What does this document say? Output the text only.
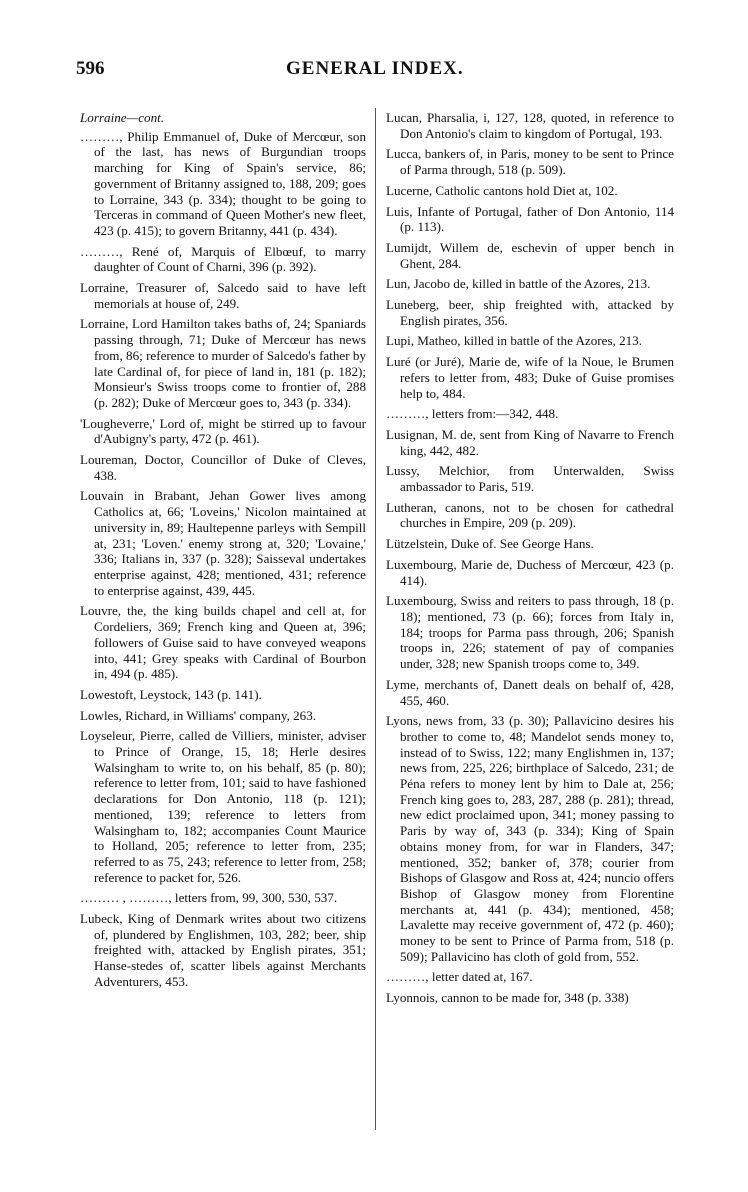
596	GENERAL INDEX.

Lorraine—cont.

………, Philip Emmanuel of, Duke of Mercœur, son of the last, has news of Burgundian troops marching for King of Spain's service, 86; government of Britanny assigned to, 188, 209; goes to Lorraine, 343 (p. 334); thought to be going to Terceras in command of Queen Mother's new fleet, 423 (p. 415); to govern Britanny, 441 (p. 434).

………, René of, Marquis of Elbœuf, to marry daughter of Count of Charni, 396 (p. 392).

Lorraine, Treasurer of, Salcedo said to have left memorials at house of, 249.

Lorraine, Lord Hamilton takes baths of, 24; Spaniards passing through, 71; Duke of Mercœur has news from, 86; reference to murder of Salcedo's father by late Cardinal of, for piece of land in, 181 (p. 182); Monsieur's Swiss troops come to frontier of, 288 (p. 282); Duke of Mercœur goes to, 343 (p. 334).

'Lougheverre,' Lord of, might be stirred up to favour d'Aubigny's party, 472 (p. 461).

Loureman, Doctor, Councillor of Duke of Cleves, 438.

Louvain in Brabant, Jehan Gower lives among Catholics at, 66; 'Loveins,' Nicolon maintained at university in, 89; Haultepenne parleys with Sempill at, 231; 'Loven.' enemy strong at, 320; 'Lovaine,' 336; Italians in, 337 (p. 328); Saisseval undertakes enterprise against, 428; mentioned, 431; reference to enterprise against, 439, 445.

Louvre, the, the king builds chapel and cell at, for Cordeliers, 369; French king and Queen at, 396; followers of Guise said to have conveyed weapons into, 441; Grey speaks with Cardinal of Bourbon in, 494 (p. 485).

Lowestoft, Leystock, 143 (p. 141).

Lowles, Richard, in Williams' company, 263.

Loyseleur, Pierre, called de Villiers, minister, adviser to Prince of Orange, 15, 18; Herle desires Walsingham to write to, on his behalf, 85 (p. 80); reference to letter from, 101; said to have fashioned declarations for Don Antonio, 118 (p. 121); mentioned, 139; reference to letters from Walsingham to, 182; accompanies Count Maurice to Holland, 205; reference to letter from, 235; referred to as 75, 243; reference to letter from, 258; reference to packet for, 526.

……… , ………, letters from, 99, 300, 530, 537.

Lubeck, King of Denmark writes about two citizens of, plundered by Englishmen, 103, 282; beer, ship freighted with, attacked by English pirates, 351; Hanse-stedes of, scatter libels against Merchants Adventurers, 453.

Lucan, Pharsalia, i, 127, 128, quoted, in reference to Don Antonio's claim to kingdom of Portugal, 193.

Lucca, bankers of, in Paris, money to be sent to Prince of Parma through, 518 (p. 509).

Lucerne, Catholic cantons hold Diet at, 102.

Luis, Infante of Portugal, father of Don Antonio, 114 (p. 113).

Lumijdt, Willem de, eschevin of upper bench in Ghent, 284.

Lun, Jacobo de, killed in battle of the Azores, 213.

Luneberg, beer, ship freighted with, attacked by English pirates, 356.

Lupi, Matheo, killed in battle of the Azores, 213.

Luré (or Juré), Marie de, wife of la Noue, le Brumen refers to letter from, 483; Duke of Guise promises help to, 484.

………, letters from:—342, 448.

Lusignan, M. de, sent from King of Navarre to French king, 442, 482.

Lussy, Melchior, from Unterwalden, Swiss ambassador to Paris, 519.

Lutheran, canons, not to be chosen for cathedral churches in Empire, 209 (p. 209).

Lützelstein, Duke of. See George Hans.

Luxembourg, Marie de, Duchess of Mercœur, 423 (p. 414).

Luxembourg, Swiss and reiters to pass through, 18 (p. 18); mentioned, 73 (p. 66); forces from Italy in, 184; troops for Parma pass through, 206; Spanish troops in, 226; statement of pay of companies under, 328; new Spanish troops come to, 349.

Lyme, merchants of, Danett deals on behalf of, 428, 455, 460.

Lyons, news from, 33 (p. 30); Pallavicino desires his brother to come to, 48; Mandelot sends money to, instead of to Swiss, 122; many Englishmen in, 137; news from, 225, 226; birthplace of Salcedo, 231; de Péna refers to money lent by him to Dale at, 256; French king goes to, 283, 287, 288 (p. 281); thread, new edict proclaimed upon, 341; money passing to Paris by way of, 343 (p. 334); King of Spain obtains money from, for war in Flanders, 347; mentioned, 352; banker of, 378; courier from Bishops of Glasgow and Ross at, 424; nuncio offers Bishop of Glasgow money from Florentine merchants at, 441 (p. 434); mentioned, 458; Lavalette may receive government of, 472 (p. 460); money to be sent to Prince of Parma from, 518 (p. 509); Pallavicino has cloth of gold from, 552.

………, letter dated at, 167.

Lyonnois, cannon to be made for, 348 (p. 338)
